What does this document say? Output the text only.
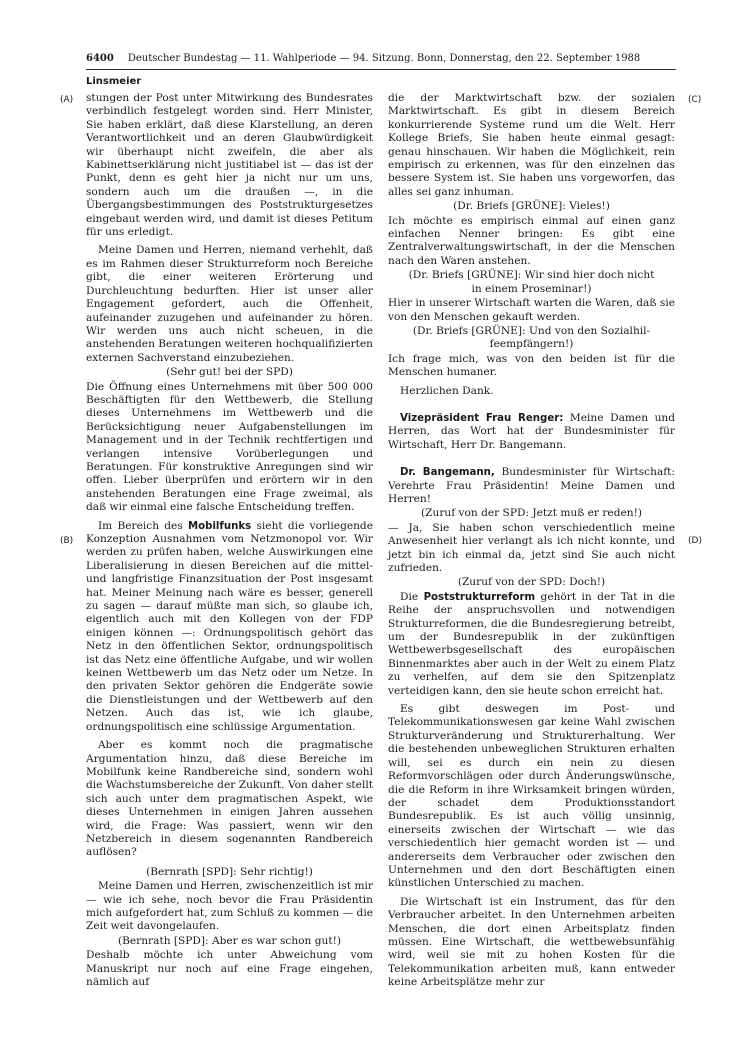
6400 Deutscher Bundestag — 11. Wahlperiode — 94. Sitzung. Bonn, Donnerstag, den 22. September 1988
Linsmeier
(A)
(B)
(C)
(D)

stungen der Post unter Mitwirkung des Bundesrates verbindlich festgelegt worden sind. Herr Minister, Sie haben erklärt, daß diese Klarstellung, an deren Verantwortlichkeit und an deren Glaubwürdigkeit wir überhaupt nicht zweifeln, die aber als Kabinettserklärung nicht justitiabel ist — das ist der Punkt, denn es geht hier ja nicht nur um uns, sondern auch um die draußen —, in die Übergangsbestimmungen des Poststrukturgesetzes eingebaut werden wird, und damit ist dieses Petitum für uns erledigt.

Meine Damen und Herren, niemand verhehlt, daß es im Rahmen dieser Strukturreform noch Bereiche gibt, die einer weiteren Erörterung und Durchleuchtung bedurften. Hier ist unser aller Engagement gefordert, auch die Offenheit, aufeinander zuzugehen und aufeinander zu hören. Wir werden uns auch nicht scheuen, in die anstehenden Beratungen weiteren hochqualifizierten externen Sachverstand einzubeziehen.

(Sehr gut! bei der SPD)

Die Öffnung eines Unternehmens mit über 500 000 Beschäftigten für den Wettbewerb, die Stellung dieses Unternehmens im Wettbewerb und die Berücksichtigung neuer Aufgabenstellungen im Management und in der Technik rechtfertigen und verlangen intensive Vorüberlegungen und Beratungen. Für konstruktive Anregungen sind wir offen. Lieber überprüfen und erörtern wir in den anstehenden Beratungen eine Frage zweimal, als daß wir einmal eine falsche Entscheidung treffen.

Im Bereich des Mobilfunks sieht die vorliegende Konzeption Ausnahmen vom Netzmonopol vor. Wir werden zu prüfen haben, welche Auswirkungen eine Liberalisierung in diesen Bereichen auf die mittel- und langfristige Finanzsituation der Post insgesamt hat. Meiner Meinung nach wäre es besser, generell zu sagen — darauf müßte man sich, so glaube ich, eigentlich auch mit den Kollegen von der FDP einigen können —: Ordnungspolitisch gehört das Netz in den öffentlichen Sektor, ordnungspolitisch ist das Netz eine öffentliche Aufgabe, und wir wollen keinen Wettbewerb um das Netz oder um Netze. In den privaten Sektor gehören die Endgeräte sowie die Dienstleistungen und der Wettbewerb auf den Netzen. Auch das ist, wie ich glaube, ordnungspolitisch eine schlüssige Argumentation.

Aber es kommt noch die pragmatische Argumentation hinzu, daß diese Bereiche im Mobilfunk keine Randbereiche sind, sondern wohl die Wachstumsbereiche der Zukunft. Von daher stellt sich auch unter dem pragmatischen Aspekt, wie dieses Unternehmen in einigen Jahren aussehen wird, die Frage: Was passiert, wenn wir den Netzbereich in diesem sogenannten Randbereich auflösen?

(Bernrath [SPD]: Sehr richtig!)

Meine Damen und Herren, zwischenzeitlich ist mir — wie ich sehe, noch bevor die Frau Präsidentin mich aufgefordert hat, zum Schluß zu kommen — die Zeit weit davongelaufen.

(Bernrath [SPD]: Aber es war schon gut!)

Deshalb möchte ich unter Abweichung vom Manuskript nur noch auf eine Frage eingehen, nämlich auf

die der Marktwirtschaft bzw. der sozialen Marktwirtschaft. Es gibt in diesem Bereich konkurrierende Systeme rund um die Welt. Herr Kollege Briefs, Sie haben heute einmal gesagt: genau hinschauen. Wir haben die Möglichkeit, rein empirisch zu erkennen, was für den einzelnen das bessere System ist. Sie haben uns vorgeworfen, das alles sei ganz inhuman.

(Dr. Briefs [GRÜNE]: Vieles!)

Ich möchte es empirisch einmal auf einen ganz einfachen Nenner bringen: Es gibt eine Zentralverwaltungswirtschaft, in der die Menschen nach den Waren anstehen.

(Dr. Briefs [GRÜNE]: Wir sind hier doch nicht

in einem Proseminar!)

Hier in unserer Wirtschaft warten die Waren, daß sie von den Menschen gekauft werden.

(Dr. Briefs [GRÜNE]: Und von den Sozialhil-

feempfängern!)

Ich frage mich, was von den beiden ist für die Menschen humaner.

Herzlichen Dank.

Vizepräsident Frau Renger: Meine Damen und Herren, das Wort hat der Bundesminister für Wirtschaft, Herr Dr. Bangemann.

Dr. Bangemann, Bundesminister für Wirtschaft: Verehrte Frau Präsidentin! Meine Damen und Herren!

(Zuruf von der SPD: Jetzt muß er reden!)

— Ja, Sie haben schon verschiedentlich meine Anwesenheit hier verlangt als ich nicht konnte, und jetzt bin ich einmal da, jetzt sind Sie auch nicht zufrieden.

(Zuruf von der SPD: Doch!)

Die Poststrukturreform gehört in der Tat in die Reihe der anspruchsvollen und notwendigen Strukturreformen, die die Bundesregierung betreibt, um der Bundesrepublik in der zukünftigen Wettbewerbsgesellschaft des europäischen Binnenmarktes aber auch in der Welt zu einem Platz zu verhelfen, auf dem sie den Spitzenplatz verteidigen kann, den sie heute schon erreicht hat.

Es gibt deswegen im Post- und Telekommunikationswesen gar keine Wahl zwischen Strukturveränderung und Strukturerhaltung. Wer die bestehenden unbeweglichen Strukturen erhalten will, sei es durch ein nein zu diesen Reformvorschlägen oder durch Änderungswünsche, die die Reform in ihre Wirksamkeit bringen würden, der schadet dem Produktionsstandort Bundesrepublik. Es ist auch völlig unsinnig, einerseits zwischen der Wirtschaft — wie das verschiedentlich hier gemacht worden ist — und andererseits dem Verbraucher oder zwischen den Unternehmen und den dort Beschäftigten einen künstlichen Unterschied zu machen.

Die Wirtschaft ist ein Instrument, das für den Verbraucher arbeitet. In den Unternehmen arbeiten Menschen, die dort einen Arbeitsplatz finden müssen. Eine Wirtschaft, die wettbewebsunfähig wird, weil sie mit zu hohen Kosten für die Telekommunikation arbeiten muß, kann entweder keine Arbeitsplätze mehr zur
